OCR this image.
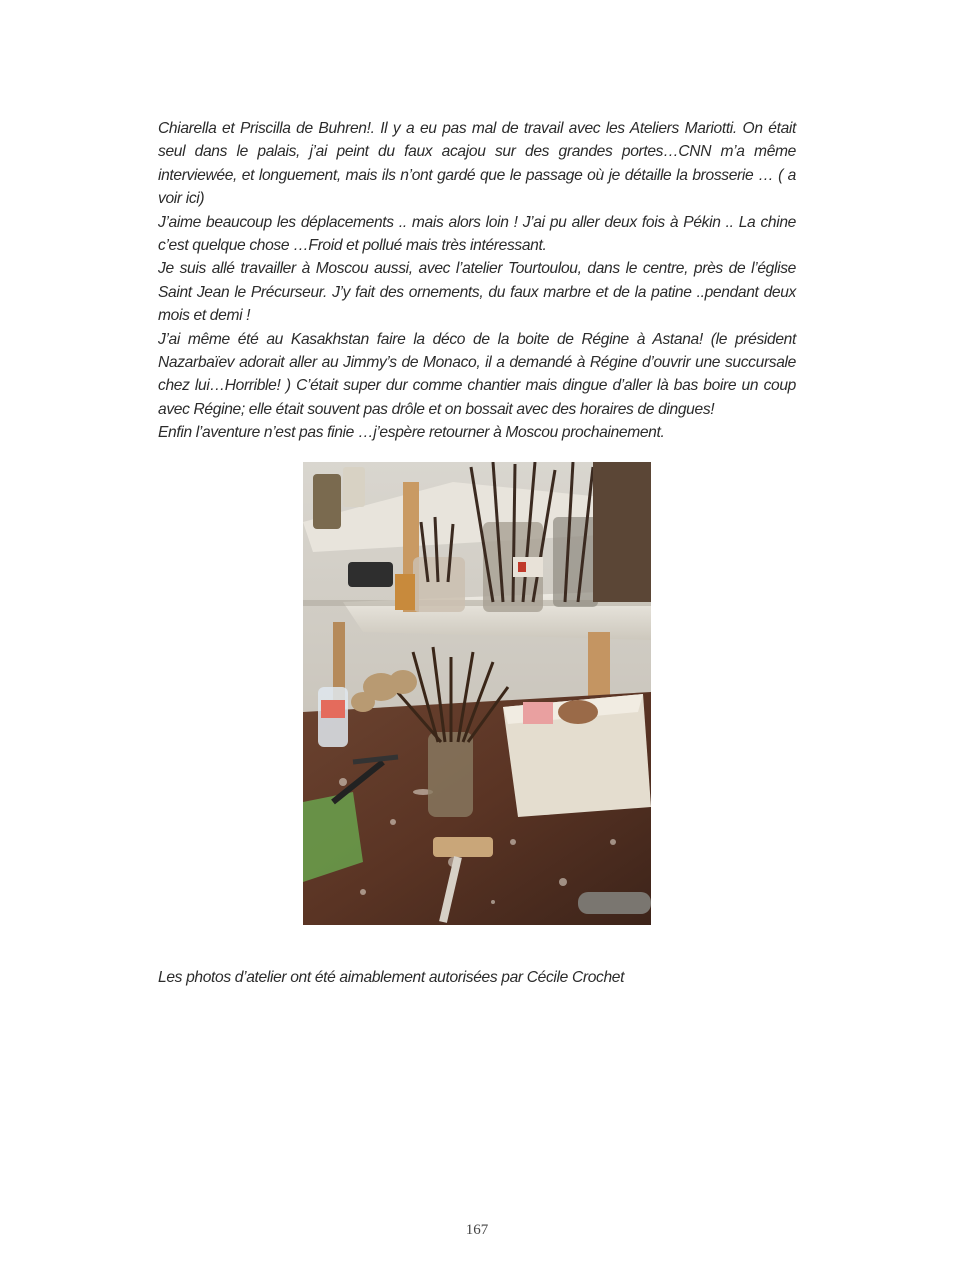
Chiarella et Priscilla de Buhren!. Il y a eu pas mal de travail avec les Ateliers Mariotti. On était seul dans le palais, j’ai peint du faux acajou sur des grandes portes…CNN m’a même interviewée, et longuement, mais ils n’ont gardé que le passage où je détaille la brosserie … ( a voir ici)

J’aime beaucoup les déplacements .. mais alors loin ! J’ai pu aller deux fois à Pékin .. La chine c’est quelque chose …Froid et pollué mais très intéressant.

Je suis allé travailler à Moscou aussi, avec l’atelier Tourtoulou, dans le centre, près de l’église Saint Jean le Précurseur. J’y fait des ornements, du faux marbre et de la patine ..pendant deux mois et demi !

J’ai même été au Kasakhstan faire la déco de la boite de Régine à Astana! (le président Nazarbaïev adorait aller au Jimmy’s de Monaco, il a demandé à Régine d’ouvrir une succursale chez lui…Horrible! ) C’était super dur comme chantier mais dingue d’aller là bas boire un coup avec Régine; elle était souvent pas drôle et on bossait avec des horaires de dingues!

Enfin l’aventure n’est pas finie …j’espère retourner à Moscou prochainement.

Les photos d’atelier ont été aimablement autorisées par Cécile Crochet
167
